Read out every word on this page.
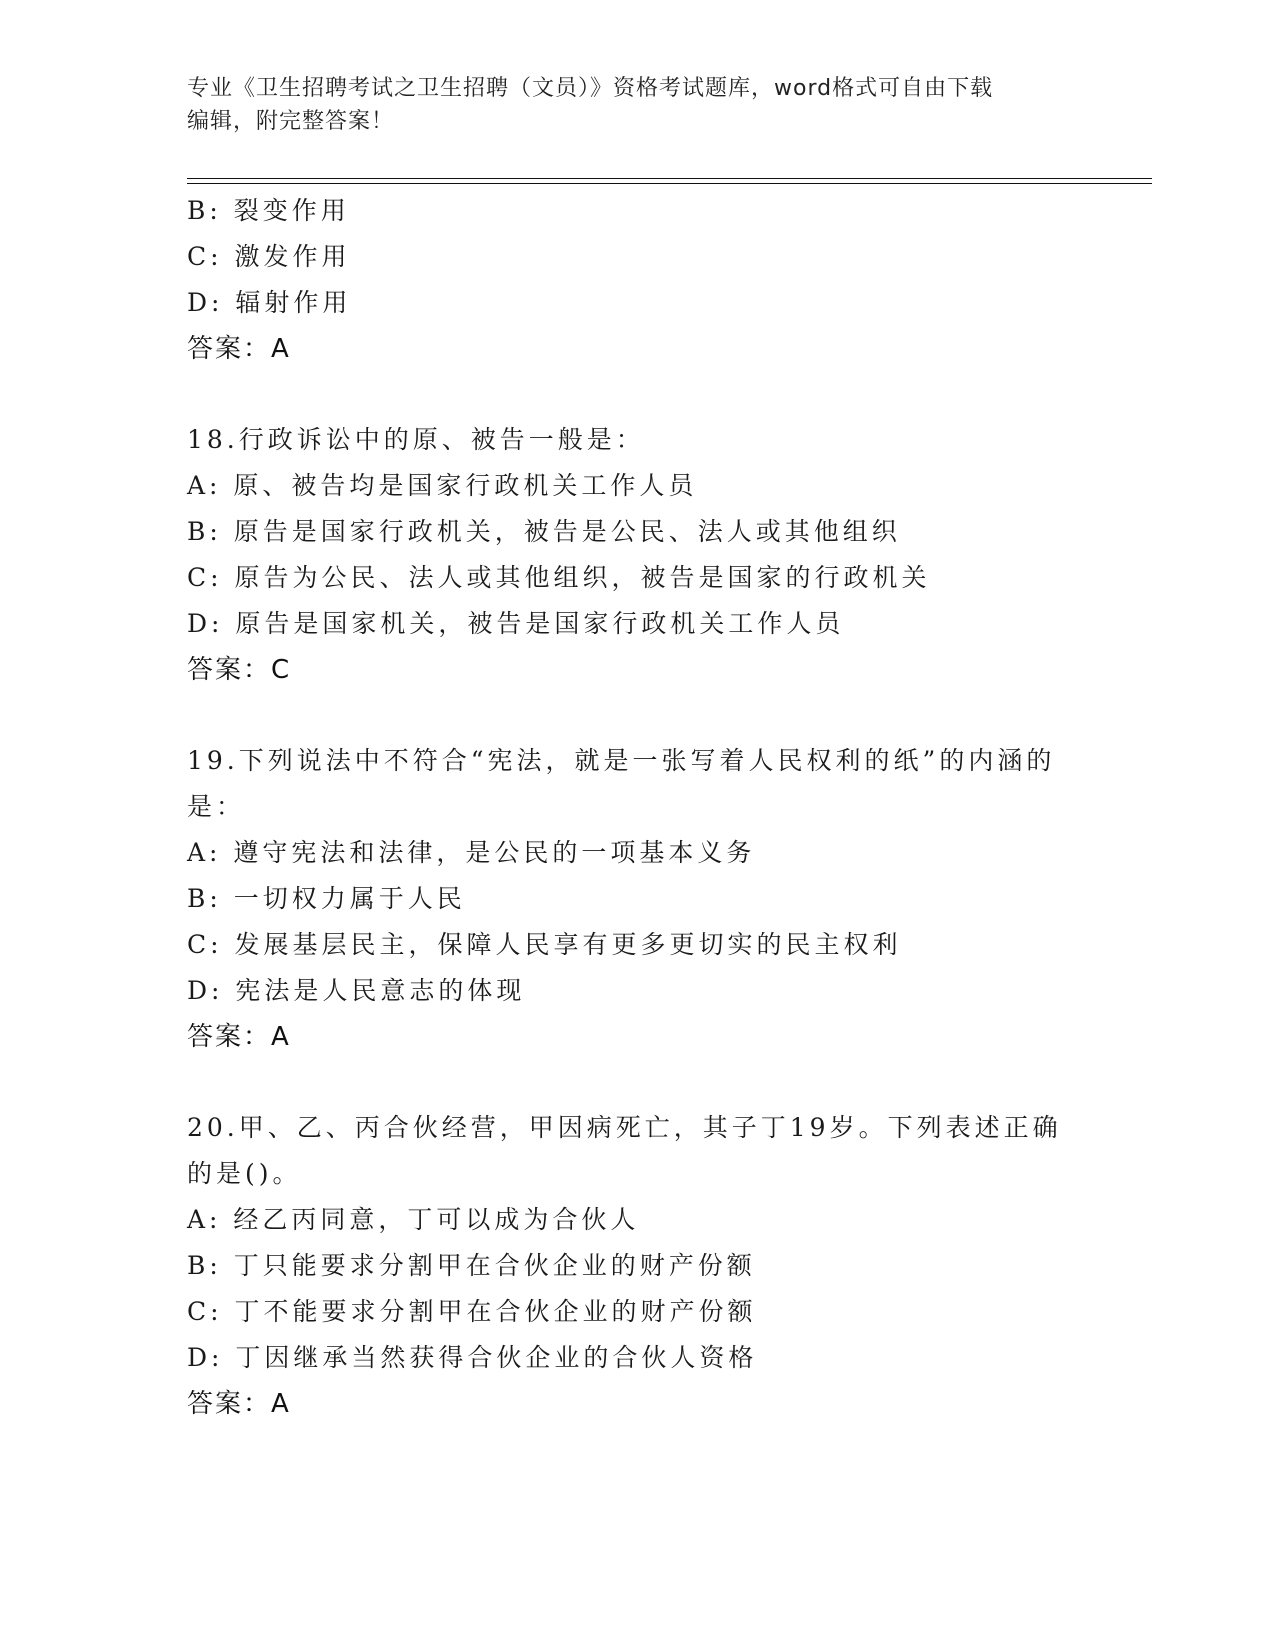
专业《卫生招聘考试之卫生招聘（文员）》资格考试题库，word格式可自由下载
编辑，附完整答案！
B: 裂变作用
C: 激发作用
D: 辐射作用
答案：A
18.行政诉讼中的原、被告一般是：
A: 原、被告均是国家行政机关工作人员
B: 原告是国家行政机关，被告是公民、法人或其他组织
C: 原告为公民、法人或其他组织，被告是国家的行政机关
D: 原告是国家机关，被告是国家行政机关工作人员
答案：C
19.下列说法中不符合“宪法，就是一张写着人民权利的纸”的内涵的
是：
A: 遵守宪法和法律，是公民的一项基本义务
B: 一切权力属于人民
C: 发展基层民主，保障人民享有更多更切实的民主权利
D: 宪法是人民意志的体现
答案：A
20.甲、乙、丙合伙经营，甲因病死亡，其子丁19岁。下列表述正确
的是()。
A: 经乙丙同意，丁可以成为合伙人
B: 丁只能要求分割甲在合伙企业的财产份额
C: 丁不能要求分割甲在合伙企业的财产份额
D: 丁因继承当然获得合伙企业的合伙人资格
答案：A
